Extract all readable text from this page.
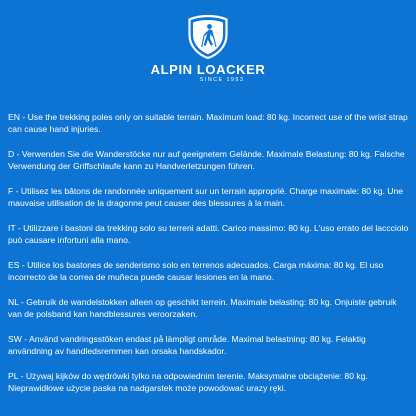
ALPIN LOACKER
SINCE 1993

EN - Use the trekking poles only on suitable terrain. Maximum load: 80 kg. Incorrect use of the wrist strap can cause hand injuries.

D - Verwenden Sie die Wanderstöcke nur auf geeignetem Gelände. Maximale Belastung: 80 kg. Falsche Verwendung der Griffschlaufe kann zu Handverletzungen führen.

F - Utilisez les bâtons de randonnée uniquement sur un terrain approprié. Charge maximale: 80 kg. Une mauvaise utilisation de la dragonne peut causer des blessures à la main.

IT - Utilizzare i bastoni da trekking solo su terreni adatti. Carico massimo: 80 kg. L'uso errato del laccciolo può causare infortuni alla mano.

ES - Utilice los bastones de senderismo solo en terrenos adecuados. Carga máxima: 80 kg. El uso incorrecto de la correa de muñeca puede causar lesiones en la mano.

NL - Gebruik de wandelstokken alleen op geschikt terrein. Maximale belasting: 80 kg. Onjuiste gebruik van de polsband kan handblessures veroorzaken.

SW - Använd vandringsstöken endast på lämpligt område. Maximal belastning: 80 kg. Felaktig användning av handledsremmen kan orsaka handskador.

PL - Używaj kijków do wędrówki tylko na odpowiednim terenie. Maksymalne obciążenie: 80 kg. Nieprawidłowe użycie paska na nadgarstek może powodować urazy ręki.
